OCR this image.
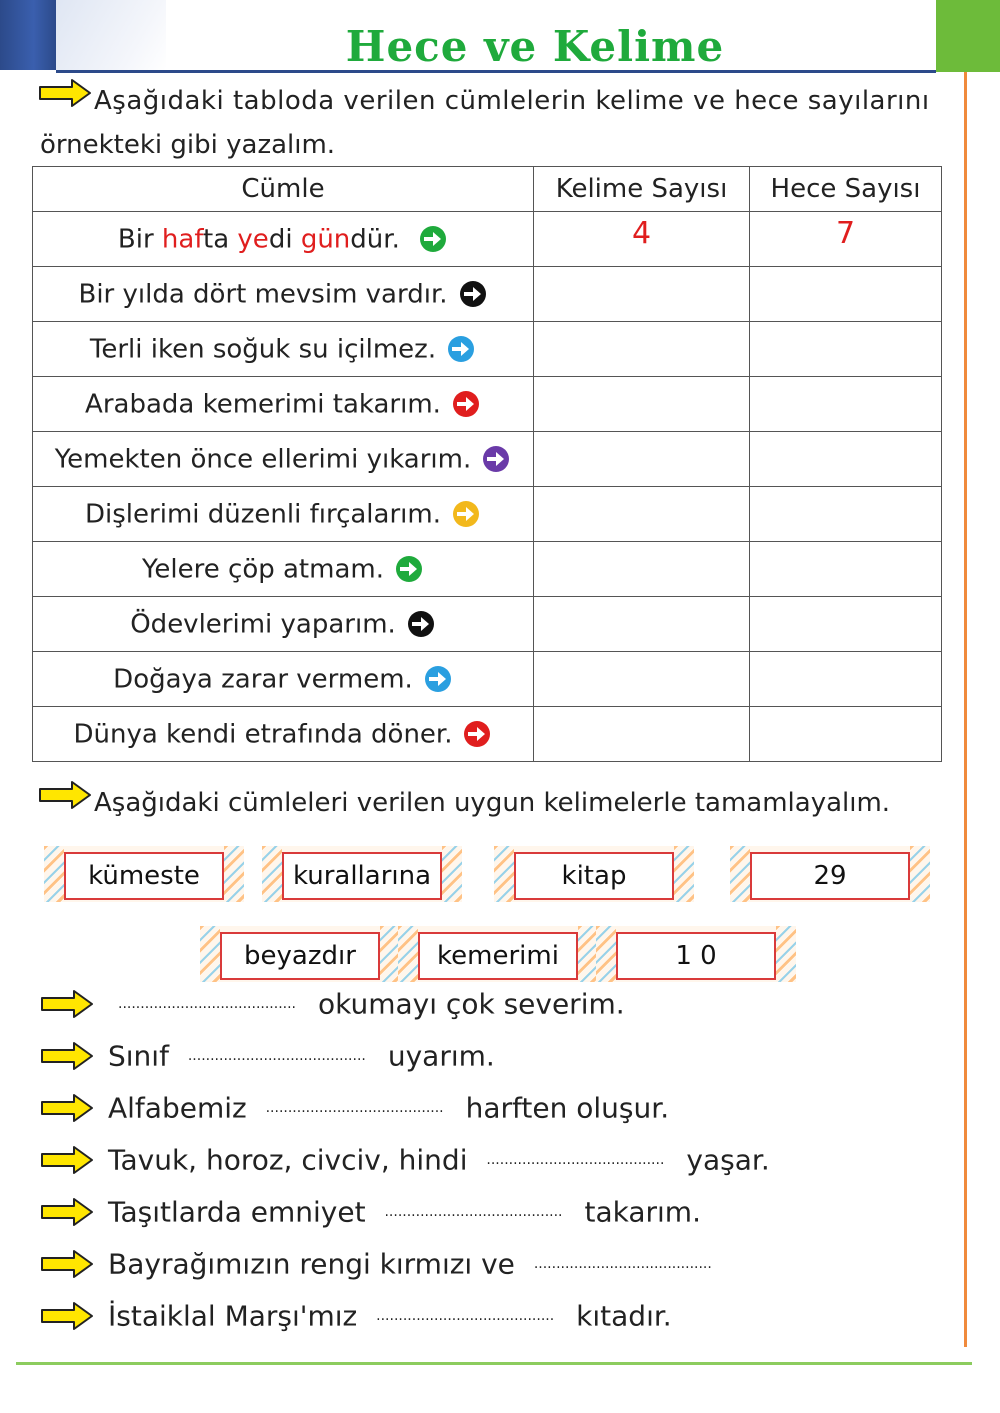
Hece ve Kelime
Aşağıdaki tabloda verilen cümlelerin kelime ve hece sayılarını
örnekteki gibi yazalım.
Cümle	Kelime Sayısı	Hece Sayısı
Bir hafta yedi gündür.	4	7
Bir yılda dört mevsim vardır.		
Terli iken soğuk su içilmez.		
Arabada kemerimi takarım.		
Yemekten önce ellerimi yıkarım.		
Dişlerimi düzenli fırçalarım.		
Yelere çöp atmam.		
Ödevlerimi yaparım.		
Doğaya zarar vermem.		
Dünya kendi etrafında döner.		
Aşağıdaki cümleleri verilen uygun kelimelerle tamamlayalım.
kümeste	kurallarına	kitap	29
beyazdır	kemerimi	1 0
........................................ okumayı çok severim.
Sınıf ........................................ uyarım.
Alfabemiz ........................................ harften oluşur.
Tavuk, horoz, civciv, hindi ........................................ yaşar.
Taşıtlarda emniyet ........................................ takarım.
Bayrağımızın rengi kırmızı ve ........................................
İstaiklal Marşı'mız ........................................ kıtadır.
